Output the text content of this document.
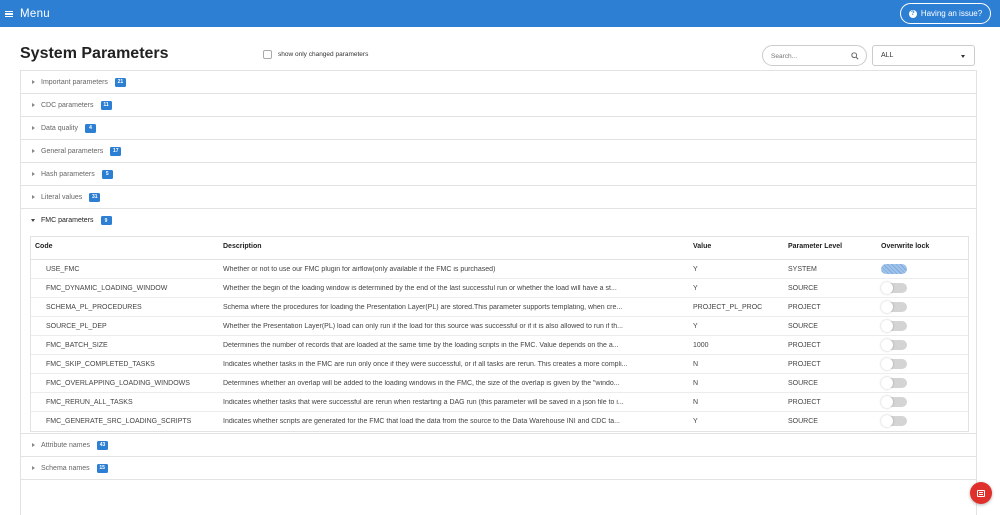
Menu	? Having an issue?
System Parameters	show only changed parameters
Search...	ALL
Important parameters	21
CDC parameters	11
Data quality	4
General parameters	17
Hash parameters	5
Literal values	31
FMC parameters	9
Code	Description	Value	Parameter Level	Overwrite lock
USE_FMC	Whether or not to use our FMC plugin for airflow(only available if the FMC is purchased)	Y	SYSTEM
FMC_DYNAMIC_LOADING_WINDOW	Whether the begin of the loading window is determined by the end of the last successful run or whether the load will have a st...	Y	SOURCE
SCHEMA_PL_PROCEDURES	Schema where the procedures for loading the Presentation Layer(PL) are stored.This parameter supports templating, when cre...	PROJECT_PL_PROC	PROJECT
SOURCE_PL_DEP	Whether the Presentation Layer(PL) load can only run if the load for this source was successful or if it is also allowed to run if th...	Y	SOURCE
FMC_BATCH_SIZE	Determines the number of records that are loaded at the same time by the loading scripts in the FMC. Value depends on the a...	1000	PROJECT
FMC_SKIP_COMPLETED_TASKS	Indicates whether tasks in the FMC are run only once if they were successful, or if all tasks are rerun. This creates a more compli...	N	PROJECT
FMC_OVERLAPPING_LOADING_WINDOWS	Determines whether an overlap will be added to the loading windows in the FMC, the size of the overlap is given by the "windo...	N	SOURCE
FMC_RERUN_ALL_TASKS	Indicates whether tasks that were successful are rerun when restarting a DAG run (this parameter will be saved in a json file to i...	N	PROJECT
FMC_GENERATE_SRC_LOADING_SCRIPTS	Indicates whether scripts are generated for the FMC that load the data from the source to the Data Warehouse INI and CDC ta...	Y	SOURCE
Attribute names	43
Schema names	15
